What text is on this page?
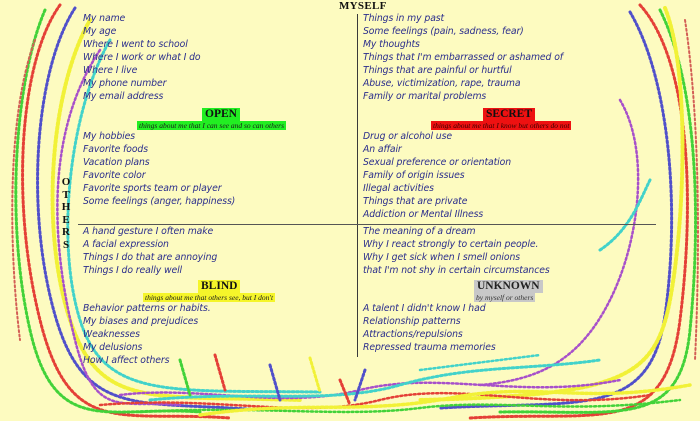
MYSELF
O
T
H
E
R
S
My name
My age
Where I went to school
Where I work or what I do
Where I live
My phone number
My email address
OPEN
things about me that I can see and so can others
My hobbies
Favorite foods
Vacation plans
Favorite color
Favorite sports team or player
Some feelings (anger, happiness)
Things in my past
Some feelings (pain, sadness, fear)
My thoughts
Things that I'm embarrassed or ashamed of
Things that are painful or hurtful
Abuse, victimization, rape, trauma
Family or marital problems
SECRET
things about me that I know but others do not
Drug or alcohol use
An affair
Sexual preference or orientation
Family of origin issues
Illegal activities
Things that are private
Addiction or Mental Illness
A hand gesture I often make
A facial expression
Things I do that are annoying
Things I do really well
BLIND
things about me that others see, but I don't
Behavior patterns or habits.
My biases and prejudices
Weaknesses
My delusions
How I affect others
The meaning of a dream
Why I react strongly to certain people.
Why I get sick when I smell onions
that I'm not shy in certain circumstances
UNKNOWN
by myself or others
A talent I didn't know I had
Relationship patterns
Attractions/repulsions
Repressed trauma memories
